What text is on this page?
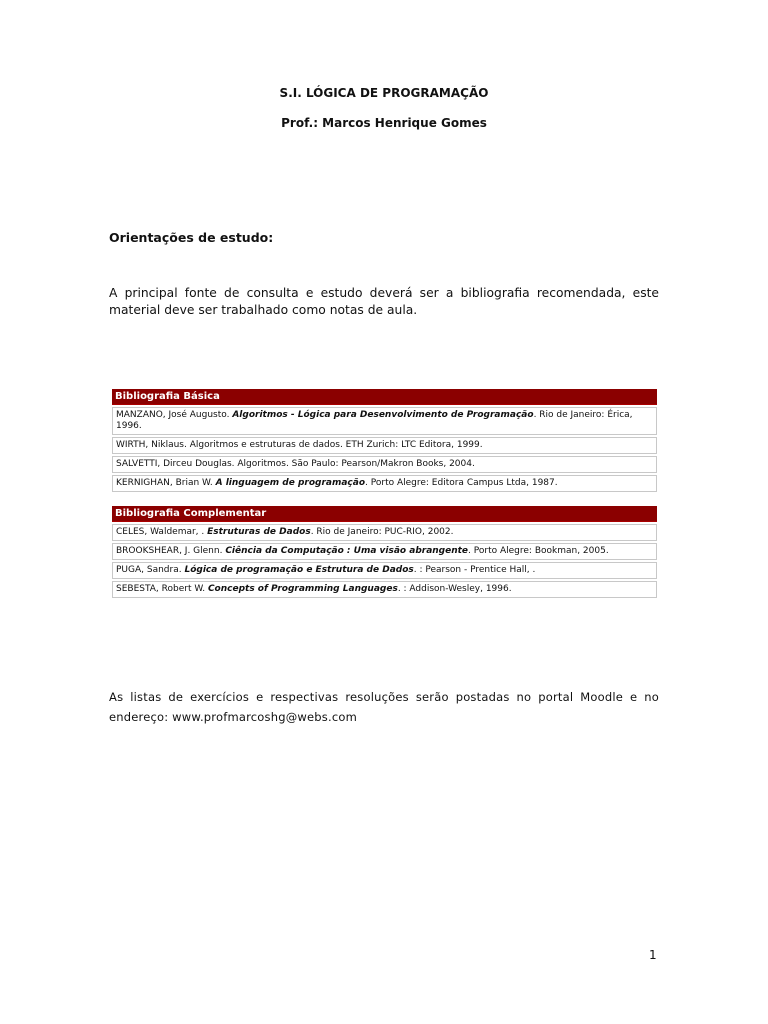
S.I. LÓGICA DE PROGRAMAÇÃO
Prof.: Marcos Henrique Gomes
Orientações de estudo:
A principal fonte de consulta e estudo deverá ser a bibliografia recomendada, este material deve ser trabalhado como notas de aula.
Bibliografia Básica
MANZANO, José Augusto. Algoritmos - Lógica para Desenvolvimento de Programação. Rio de Janeiro: Érica, 1996.
WIRTH, Niklaus. Algoritmos e estruturas de dados. ETH Zurich: LTC Editora, 1999.
SALVETTI, Dirceu Douglas. Algoritmos. São Paulo: Pearson/Makron Books, 2004.
KERNIGHAN, Brian W. A linguagem de programação. Porto Alegre: Editora Campus Ltda, 1987.
Bibliografia Complementar
CELES, Waldemar, . Estruturas de Dados. Rio de Janeiro: PUC-RIO, 2002.
BROOKSHEAR, J. Glenn. Ciência da Computação : Uma visão abrangente. Porto Alegre: Bookman, 2005.
PUGA, Sandra. Lógica de programação e Estrutura de Dados. : Pearson - Prentice Hall, .
SEBESTA, Robert W. Concepts of Programming Languages. : Addison-Wesley, 1996.
As listas de exercícios e respectivas resoluções serão postadas no portal Moodle e no endereço: www.profmarcoshg@webs.com
1
